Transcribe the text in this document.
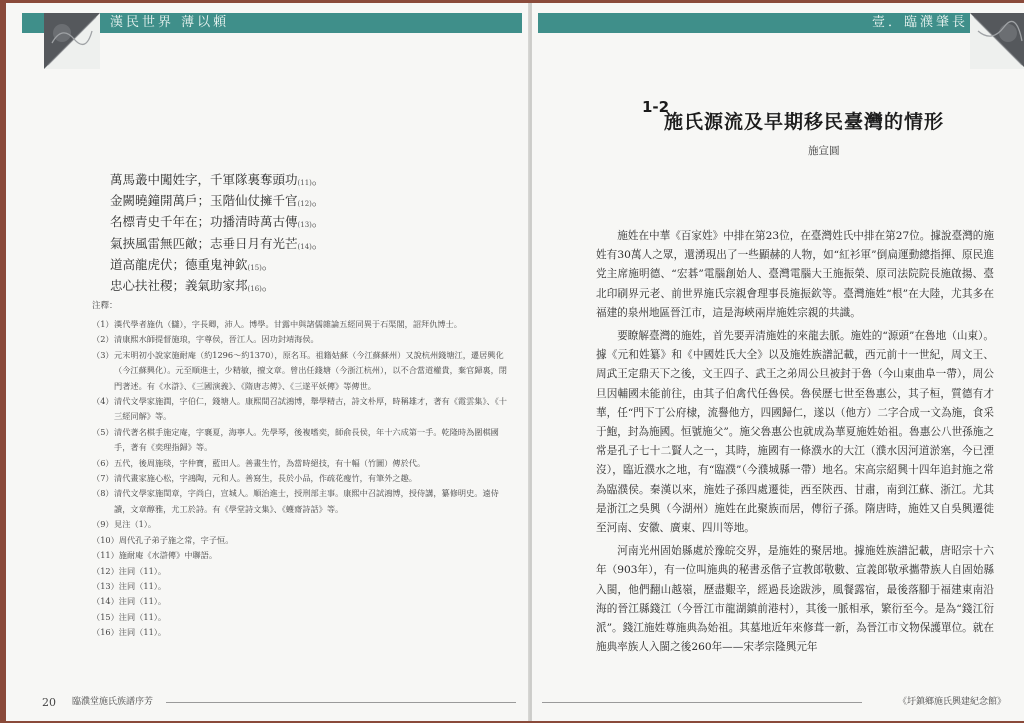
漢民世界 薄以頼
萬馬叢中闖姓字，千軍隊裏奪頭功(11)。
金闕曉鐘開萬戶；玉階仙仗擁千官(12)。
名標青史千年在；功播清時萬古傳(13)。
氣挾風雷無匹敵；志垂日月有光芒(14)。
道高龍虎伏；德重鬼神欽(15)。
忠心扶社稷；義氣助家邦(16)。
注釋：
（1） 漢代學者施仇（讎），字長卿，沛人。博學。甘露中與諸儒雜論五經同異于石渠閣，詔拜仇博士。
（2） 清康熙水師提督施琅，字尊侯，晉江人。因功封靖海侯。
（3） 元末明初小說家施耐庵（約1296～約1370），原名耳。祖籍姑蘇（今江蘇蘇州）又說杭州錢塘江，遷居興化（今江蘇興化）。元至順進士，少精敏，擅文章。曾出任錢塘（今浙江杭州），以不合當道權貴，棄官歸裏，閉門著述。有《水滸》、《三國演義》、《隋唐志傳》、《三遂平妖傳》等傳世。
（4） 清代文學家施潤，字伯仁，錢塘人。康熙間召試鴻博，舉學精古，詩文朴厚，時稱雄才，著有《霞雲集》、《十三經同解》等。
（5） 清代著名棋手施定庵，字襄夏，海寧人。先學琴，後複嗜奕，師俞長侯，年十六成第一手。乾隆時為圍棋國手，著有《奕理指歸》等。
（6） 五代，後周施琰，字仲寶，藍田人。善畫生竹，為當時絕技，有十幅（竹圖）傳於代。
（7） 清代畫家施心松，字鴻陶，元和人。善寫生，長於小品，作疏花瘦竹，有筆外之趣。
（8） 清代文學家施閏章，字尚白，宣城人。順治進士，授刑部主事。康熙中召試鴻博，授侍講，纂修明史。遠侍讀，文章醇雅，尤工於詩。有《學堂詩文集》、《蠖齋詩話》等。
（9） 見注（1）。
（10） 周代孔子弟子施之常，字子恒。
（11） 施耐庵《水滸傳》中聯語。
（12） 注同（11）。
（13） 注同（11）。
（14） 注同（11）。
（15） 注同（11）。
（16） 注同（11）。
20 臨濮堂施氏族譜序芳
壹．臨濮肇長
1-2
施氏源流及早期移民臺灣的情形
施宣圓

施姓在中華《百家姓》中排在第23位，在臺灣姓氏中排在第27位。據說臺灣的施姓有30萬人之眾，還湧現出了一些顯赫的人物，如“紅衫軍”倒扁運動總指揮、原民進党主席施明德、“宏碁”電腦創始人、臺灣電腦大王施振榮、原司法院院長施啟揚、臺北印刷界元老、前世界施氏宗親會理事長施振欽等。臺灣施姓“根”在大陸，尤其多在福建的泉州地區晉江市，這是海峽兩岸施姓宗親的共識。

要瞭解臺灣的施姓，首先要弄清施姓的來龍去脈。施姓的“源頭”在魯地（山東）。據《元和姓纂》和《中國姓氏大全》以及施姓族譜記載，西元前十一世紀，周文王、周武王定鼎天下之後，文王四子、武王之弟周公旦被封于魯（今山東曲阜一帶），周公旦因輔國未能前往，由其子伯禽代任魯侯。魯侯歷七世至魯惠公，其子桓，質德有才華，任“門下丁公府棣，流譽他方，四國歸仁，遂以（他方）二字合成一文為施，食采于鮑，封為施國。恒號施父”。施父魯惠公也就成為華夏施姓始祖。魯惠公八世孫施之常是孔子七十二賢人之一，其時，施國有一條濮水的大江（濮水因河道淤塞，今已湮沒），臨近濮水之地，有“臨濮”（今濮城縣一帶）地名。宋高宗紹興十四年追封施之常為臨濮侯。秦漢以來，施姓子孫四處遷徙，西至陝西、甘肅，南到江蘇、浙江。尤其是浙江之吳興（今湖州）施姓在此聚族而居，傳衍子孫。隋唐時，施姓又自吳興遷徙至河南、安徽、廣東、四川等地。

河南光州固始縣處於豫皖交界，是施姓的聚居地。據施姓族譜記載，唐昭宗十六年（903年），有一位叫施典的秘書丞偕子宣教郎敬數、宣義郎敬承攜帶族人自固始縣入閩，他們翻山越嶺，歷盡艱辛，經過長途跋涉，風餐露宿，最後落腳于福建東南沿海的晉江縣錢江（今晉江市龍湖鎮前港村），其後一脈相承，繁衍至今。是為“錢江衍派”。錢江施姓尊施典為始祖。其墓地近年來修葺一新，為晉江市文物保護單位。就在施典率族人入閩之後260年——宋孝宗隆興元年

《圩鎮鄉施氏興建紀念館》
